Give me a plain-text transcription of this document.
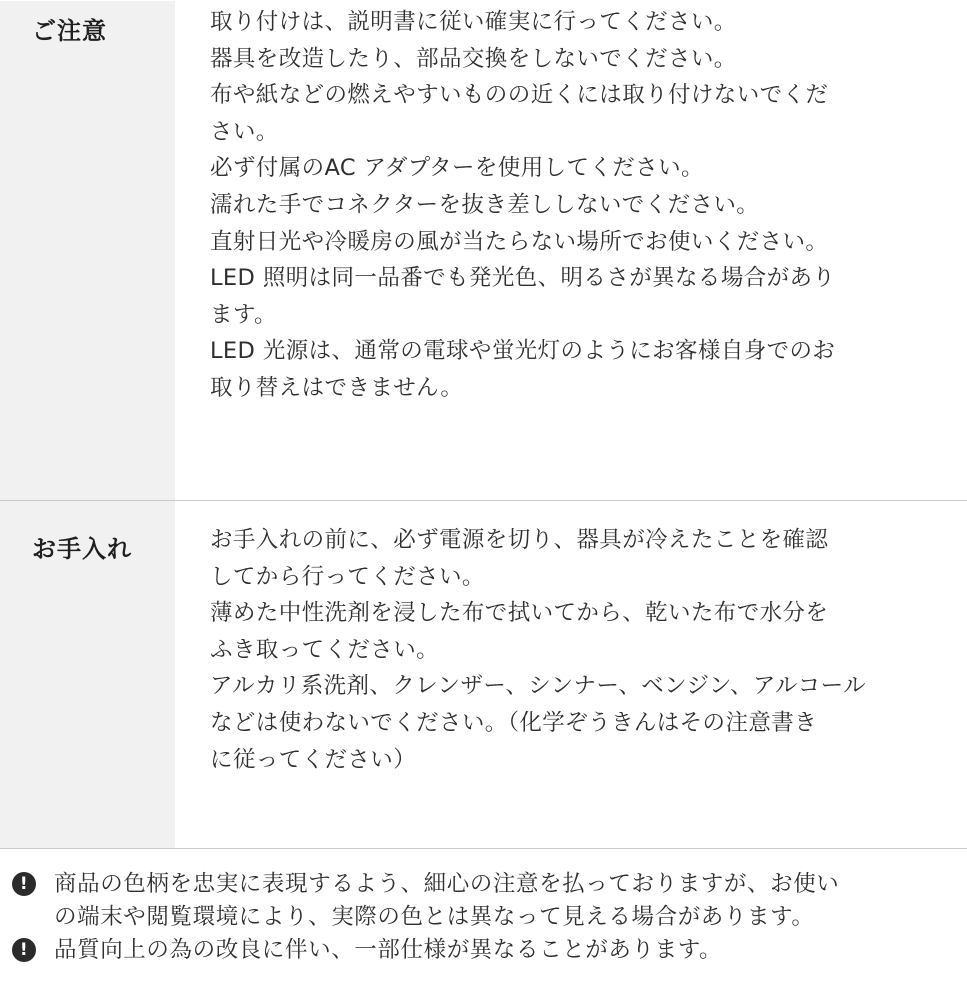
ご注意	取り付けは、説明書に従い確実に行ってください。
器具を改造したり、部品交換をしないでください。
布や紙などの燃えやすいものの近くには取り付けないでくだ
さい。
必ず付属のAC アダプターを使用してください。
濡れた手でコネクターを抜き差ししないでください。
直射日光や冷暖房の風が当たらない場所でお使いください。
LED 照明は同一品番でも発光色、明るさが異なる場合があり
ます。
LED 光源は、通常の電球や蛍光灯のようにお客様自身でのお
取り替えはできません。
お手入れ	お手入れの前に、必ず電源を切り、器具が冷えたことを確認
してから行ってください。
薄めた中性洗剤を浸した布で拭いてから、乾いた布で水分を
ふき取ってください。
アルカリ系洗剤、クレンザー、シンナー、ベンジン、アルコール
などは使わないでください。（化学ぞうきんはその注意書き
に従ってください）
!	商品の色柄を忠実に表現するよう、細心の注意を払っておりますが、お使い
の端末や閲覧環境により、実際の色とは異なって見える場合があります。
!	品質向上の為の改良に伴い、一部仕様が異なることがあります。
